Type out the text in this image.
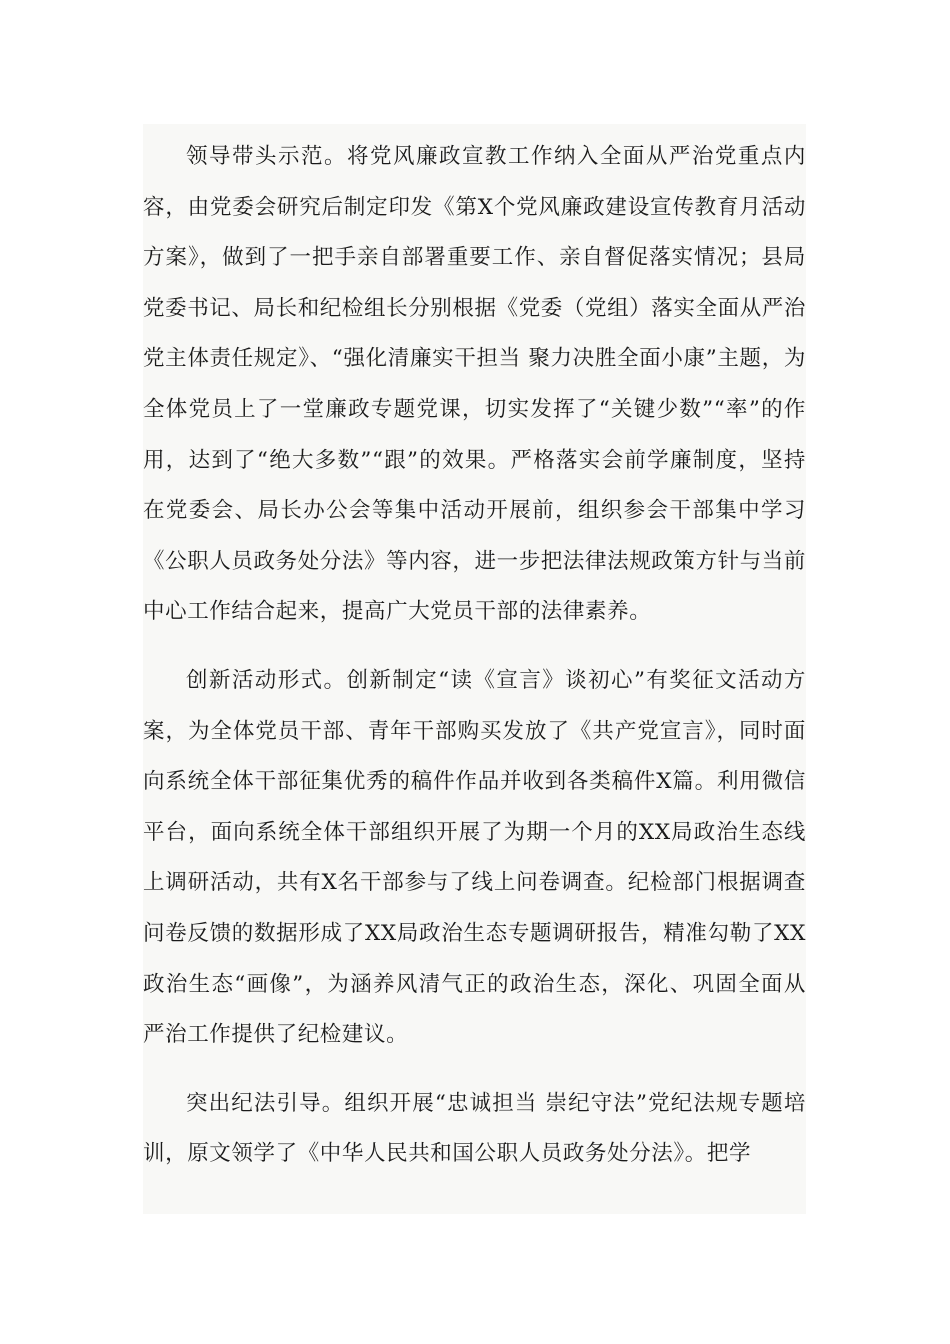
领导带头示范。将党风廉政宣教工作纳入全面从严治党重点内容，由党委会研究后制定印发《第X个党风廉政建设宣传教育月活动方案》，做到了一把手亲自部署重要工作、亲自督促落实情况；县局党委书记、局长和纪检组长分别根据《党委（党组）落实全面从严治党主体责任规定》、“强化清廉实干担当 聚力决胜全面小康”主题，为全体党员上了一堂廉政专题党课，切实发挥了“关键少数”“率”的作用，达到了“绝大多数”“跟”的效果。严格落实会前学廉制度，坚持在党委会、局长办公会等集中活动开展前，组织参会干部集中学习《公职人员政务处分法》等内容，进一步把法律法规政策方针与当前中心工作结合起来，提高广大党员干部的法律素养。

创新活动形式。创新制定“读《宣言》谈初心”有奖征文活动方案，为全体党员干部、青年干部购买发放了《共产党宣言》，同时面向系统全体干部征集优秀的稿件作品并收到各类稿件X篇。利用微信平台，面向系统全体干部组织开展了为期一个月的XX局政治生态线上调研活动，共有X名干部参与了线上问卷调查。纪检部门根据调查问卷反馈的数据形成了XX局政治生态专题调研报告，精准勾勒了XX政治生态“画像”，为涵养风清气正的政治生态，深化、巩固全面从严治工作提供了纪检建议。

突出纪法引导。组织开展“忠诚担当 崇纪守法”党纪法规专题培训，原文领学了《中华人民共和国公职人员政务处分法》。把学
